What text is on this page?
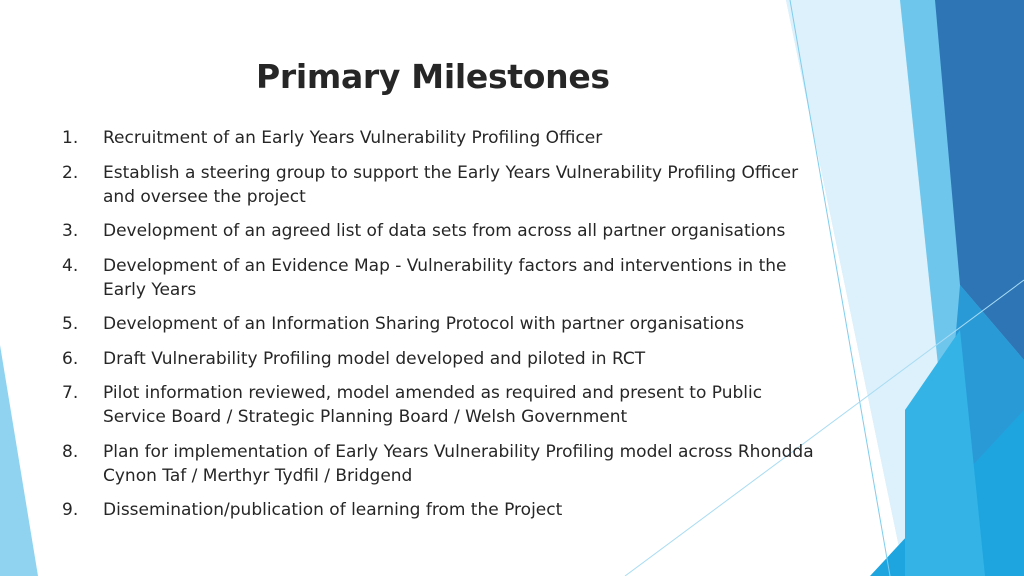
Primary Milestones
1.	Recruitment of an Early Years Vulnerability Profiling Officer
2.	Establish a steering group to support the Early Years Vulnerability Profiling Officer
and oversee the project
3.	Development of an agreed list of data sets from across all partner organisations
4.	Development of an Evidence Map - Vulnerability factors and interventions in the
Early Years
5.	Development of an Information Sharing Protocol with partner organisations
6.	Draft Vulnerability Profiling model developed and piloted in RCT
7.	Pilot information reviewed, model amended as required and present to Public
Service Board / Strategic Planning Board / Welsh Government
8.	Plan for implementation of Early Years Vulnerability Profiling model across Rhondda
Cynon Taf / Merthyr Tydfil / Bridgend
9.	Dissemination/publication of learning from the Project
